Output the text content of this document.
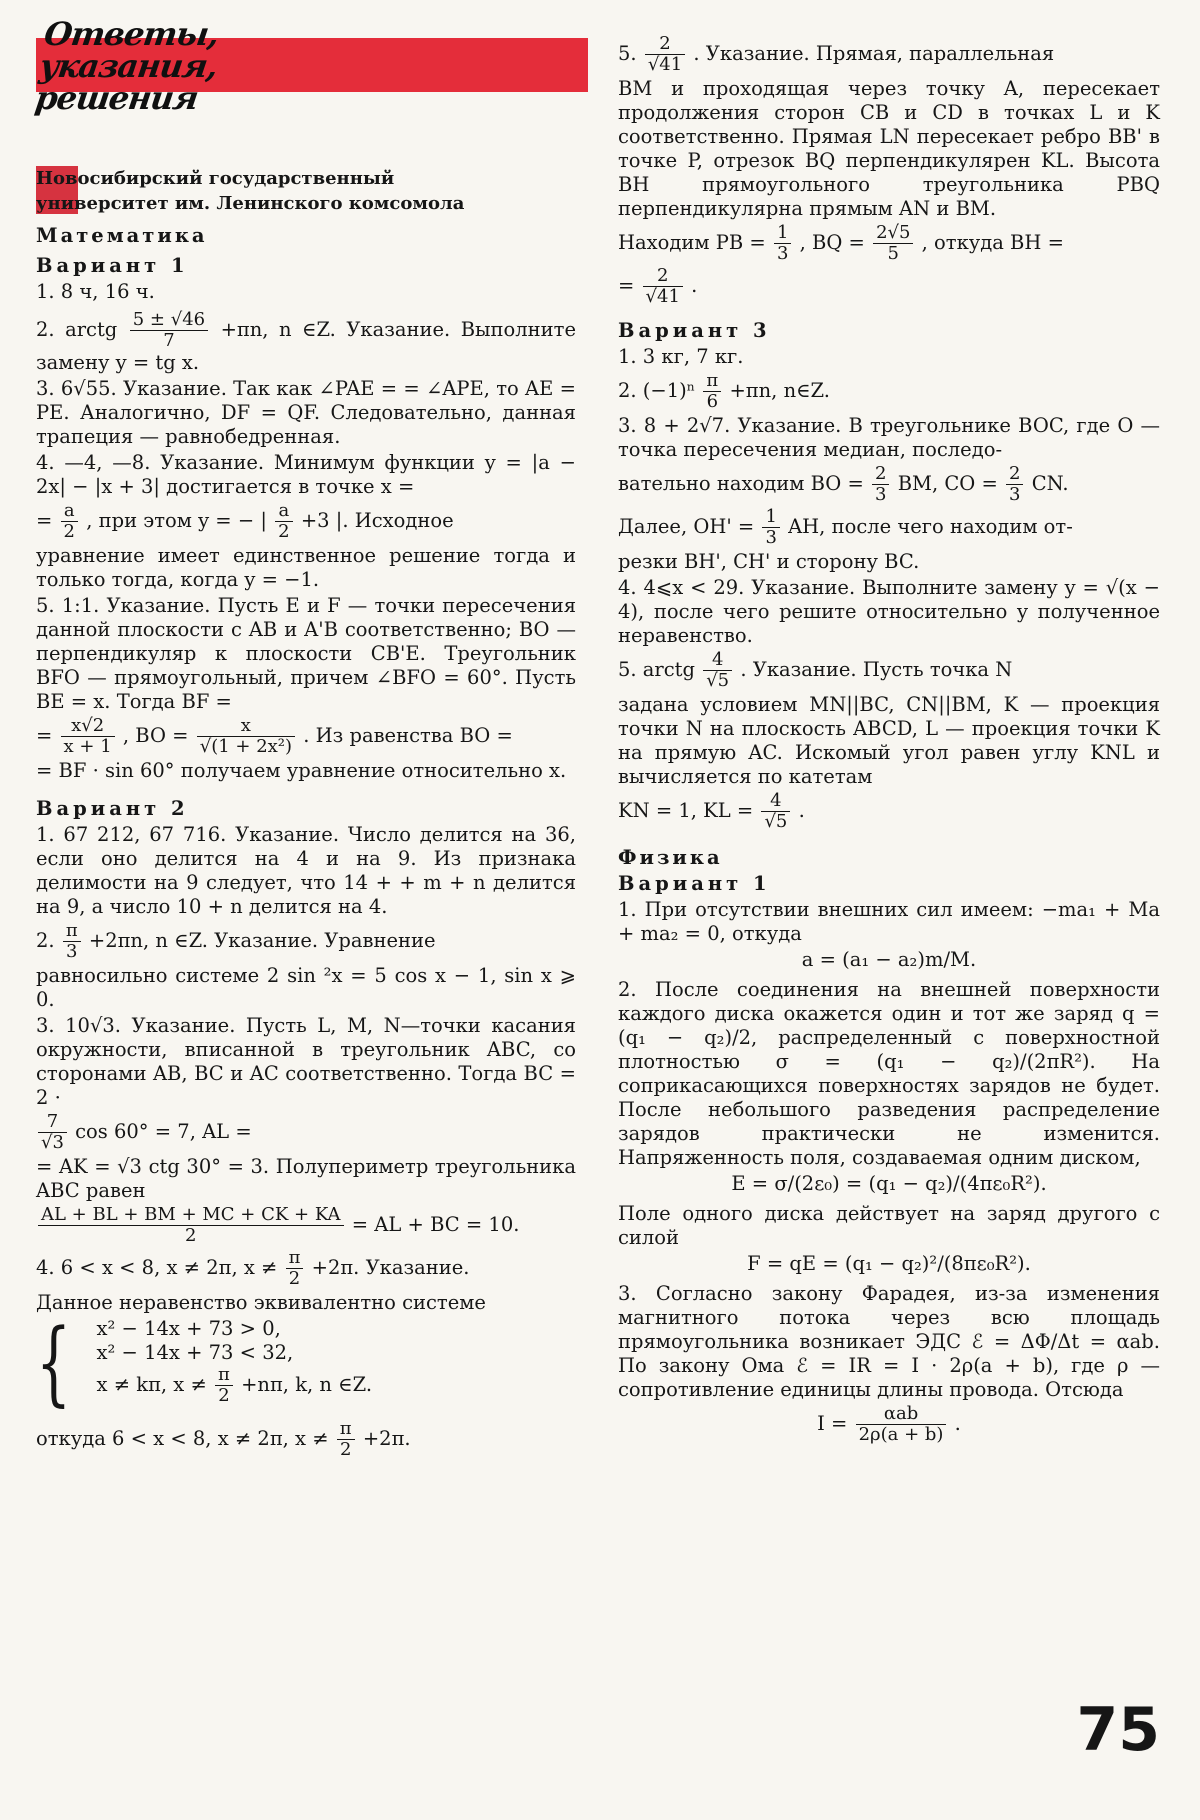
Ответы,
указания,
решения
Новосибирский государственный
университет им. Ленинского комсомола
Математика
Вариант 1
1. 8 ч, 16 ч.
2. arctg $\frac{5 \pm √46}{7} +\pi n$, n ∈Z. Указание. Выполните замену y = tg x.
3. 6√55. Указание. Так как ∠PAE = = ∠APE, то AE = PE. Аналогично, DF = QF. Следовательно, данная трапеция — равнобедренная.
4. —4, —8. Указание. Минимум функции y = |a − 2x| − |x + 3| достигается в точке x =
= $\frac{a}{2}$ , при этом y = − | $\frac{a}{2} +3$ |. Исходное
уравнение имеет единственное решение тогда и только тогда, когда y = −1.
5. 1:1. Указание. Пусть E и F — точки пересечения данной плоскости с AB и A'B соответственно; BO — перпендикуляр к плоскости CB'E. Треугольник BFO — прямоугольный, причем ∠BFO = 60°. Пусть BE = x. Тогда BF =
= $\frac{x√2}{x + 1}$ , BO = $\frac{x}{\text{√(1 + 2x²)}}$ . Из равенства BO =
= BF · sin 60° получаем уравнение относительно x.
Вариант 2
1. 67 212, 67 716. Указание. Число делится на 36, если оно делится на 4 и на 9. Из признака делимости на 9 следует, что 14 + + m + n делится на 9, а число 10 + n делится на 4.
2. $\frac{\pi}{3} +2\pi n$, n ∈Z. Указание. Уравнение
равносильно системе 2 sin ²x = 5 cos x − 1, sin x ⩾ 0.
3. 10√3. Указание. Пусть L, M, N—точки касания окружности, вписанной в треугольник ABC, со сторонами AB, BC и AC соответственно. Тогда BC = 2 ·
$\frac{7}{√3}$ cos 60° = 7, AL =
= AK = √3 ctg 30° = 3. Полупериметр треугольника ABC равен
$\frac{AL + BL + BM + MC + CK + KA}{2}$ = AL + BC = 10.
4. 6 < x < 8, x ≠ 2π, $x \ne \frac{\pi}{2} +2\pi$. Указание.
Данное неравенство эквивалентно системе
{ x² − 14x + 73 > 0,
x² − 14x + 73 < 32,
x ≠ kπ, $x \ne \frac{\pi}{2} +n\pi$, k, n ∈Z.
откуда 6 < x < 8, x ≠ 2π, $x \ne \frac{\pi}{2} +2\pi$.
5. $\frac{2}{√41}$ . Указание. Прямая, параллельная
BM и проходящая через точку A, пересекает продолжения сторон CB и CD в точках L и K соответственно. Прямая LN пересекает ребро BB' в точке P, отрезок BQ перпендикулярен KL. Высота BH прямоугольного треугольника PBQ перпендикулярна прямым AN и BM.
Находим PB = $\frac{1}{3}$ , BQ = $\frac{2√5}{5}$ , откуда BH =
= $\frac{2}{√41}$ .
Вариант 3
1. 3 кг, 7 кг.
2. $(-1)^n \frac{\pi}{6} +\pi n$, n∈Z.
3. 8 + 2√7. Указание. В треугольнике BOC, где O — точка пересечения медиан, последо-
вательно находим BO = $\frac{2}{3}$ BM, CO = $\frac{2}{3}$ CN.
Далее, $OH' = \frac{1}{3}$ AH, после чего находим от-
резки BH', CH' и сторону BC.
4. 4⩽x < 29. Указание. Выполните замену y = √(x − 4), после чего решите относительно y полученное неравенство.
5. arctg $\frac{4}{√5}$ . Указание. Пусть точка N
задана условием MN||BC, CN||BM, K — проекция точки N на плоскость ABCD, L — проекция точки K на прямую AC. Искомый угол равен углу KNL и вычисляется по катетам
KN = 1, KL = $\frac{4}{√5}$ .
Физика
Вариант 1
1. При отсутствии внешних сил имеем: −ma₁ + Ma + ma₂ = 0, откуда
a = (a₁ − a₂)m/M.
2. После соединения на внешней поверхности каждого диска окажется один и тот же заряд q = (q₁ − q₂)/2, распределенный с поверхностной плотностью σ = (q₁ − q₂)/(2πR²). На соприкасающихся поверхностях зарядов не будет. После небольшого разведения распределение зарядов практически не изменится. Напряженность поля, создаваемая одним диском,
E = σ/(2ε₀) = (q₁ − q₂)/(4πε₀R²).
Поле одного диска действует на заряд другого с силой
F = qE = (q₁ − q₂)²/(8πε₀R²).
3. Согласно закону Фарадея, из-за изменения магнитного потока через всю площадь прямоугольника возникает ЭДС ℰ = ΔΦ/Δt = αab. По закону Ома ℰ = IR = I · 2ρ(a + b), где ρ — сопротивление единицы длины провода. Отсюда
$I = \frac{\text{αab}}{2\rho(a + b)}$ .
75
